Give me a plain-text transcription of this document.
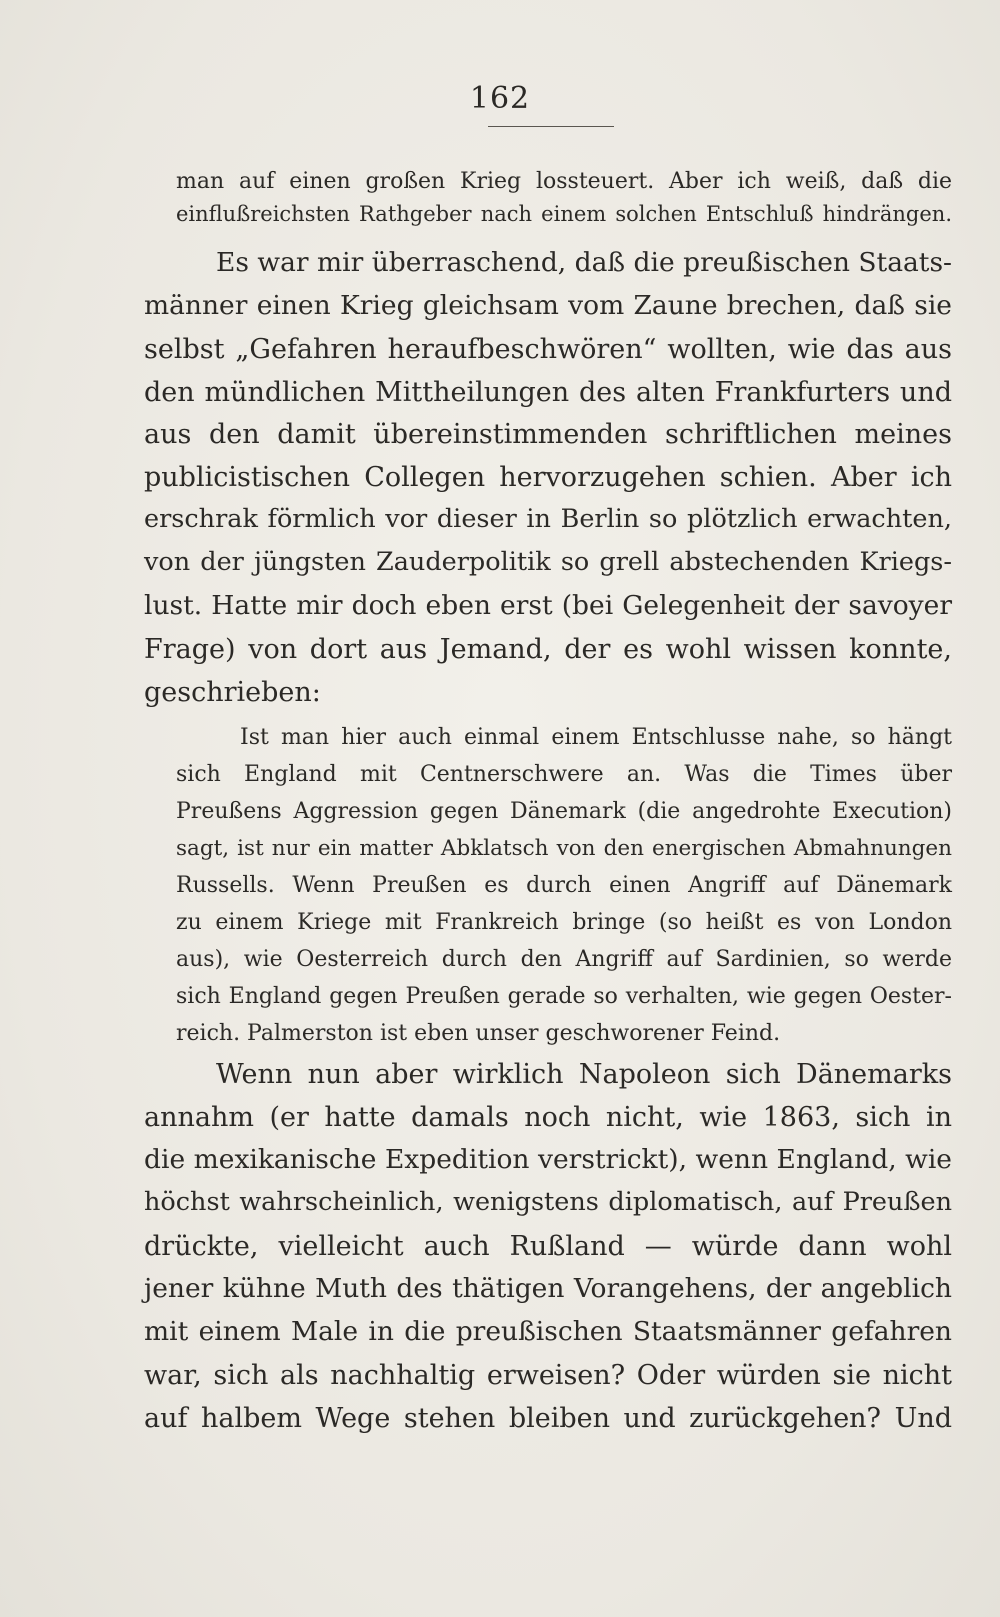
162
man auf einen großen Krieg lossteuert. Aber ich weiß, daß die
einflußreichsten Rathgeber nach einem solchen Entschluß hindrängen.
Es war mir überraschend, daß die preußischen Staats-
männer einen Krieg gleichsam vom Zaune brechen, daß sie
selbst „Gefahren heraufbeschwören“ wollten, wie das aus
den mündlichen Mittheilungen des alten Frankfurters und
aus den damit übereinstimmenden schriftlichen meines
publicistischen Collegen hervorzugehen schien. Aber ich
erschrak förmlich vor dieser in Berlin so plötzlich erwachten,
von der jüngsten Zauderpolitik so grell abstechenden Kriegs-
lust. Hatte mir doch eben erst (bei Gelegenheit der savoyer
Frage) von dort aus Jemand, der es wohl wissen konnte,
geschrieben:
Ist man hier auch einmal einem Entschlusse nahe, so hängt
sich England mit Centnerschwere an. Was die Times über
Preußens Aggression gegen Dänemark (die angedrohte Execution)
sagt, ist nur ein matter Abklatsch von den energischen Abmahnungen
Russells. Wenn Preußen es durch einen Angriff auf Dänemark
zu einem Kriege mit Frankreich bringe (so heißt es von London
aus), wie Oesterreich durch den Angriff auf Sardinien, so werde
sich England gegen Preußen gerade so verhalten, wie gegen Oester-
reich. Palmerston ist eben unser geschworener Feind.
Wenn nun aber wirklich Napoleon sich Dänemarks
annahm (er hatte damals noch nicht, wie 1863, sich in
die mexikanische Expedition verstrickt), wenn England, wie
höchst wahrscheinlich, wenigstens diplomatisch, auf Preußen
drückte, vielleicht auch Rußland — würde dann wohl
jener kühne Muth des thätigen Vorangehens, der angeblich
mit einem Male in die preußischen Staatsmänner gefahren
war, sich als nachhaltig erweisen? Oder würden sie nicht
auf halbem Wege stehen bleiben und zurückgehen? Und
